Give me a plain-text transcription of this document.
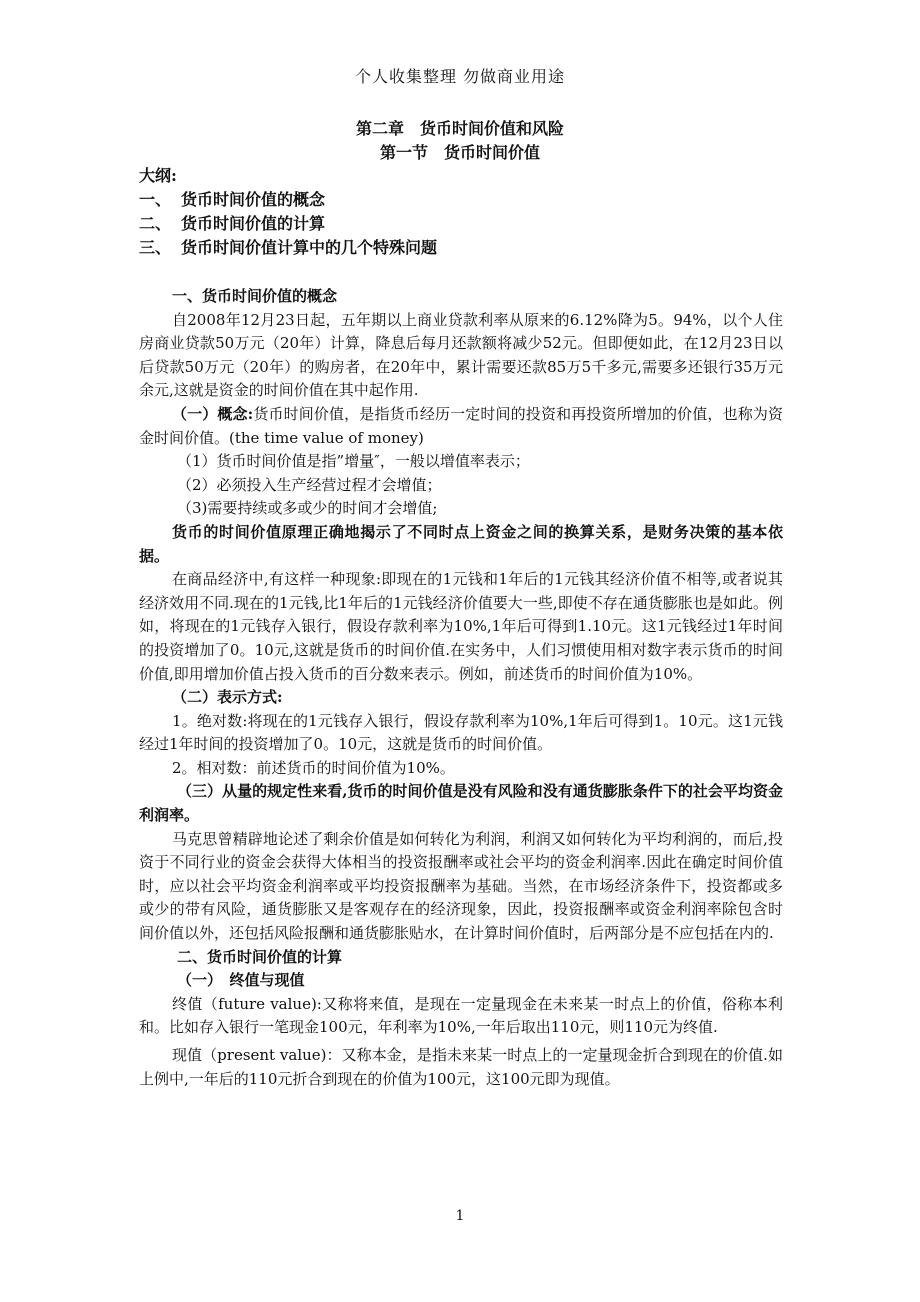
个人收集整理 勿做商业用途
第二章　货币时间价值和风险
第一节　货币时间价值
大纲:
一、 货币时间价值的概念
二、 货币时间价值的计算
三、 货币时间价值计算中的几个特殊问题

一、货币时间价值的概念

自2008年12月23日起，五年期以上商业贷款利率从原来的6.12%降为5。94%，以个人住房商业贷款50万元（20年）计算，降息后每月还款额将减少52元。但即便如此，在12月23日以后贷款50万元（20年）的购房者，在20年中，累计需要还款85万5千多元,需要多还银行35万元余元,这就是资金的时间价值在其中起作用.

（一）概念:货币时间价值，是指货币经历一定时间的投资和再投资所增加的价值，也称为资金时间价值。(the time value of money)

（1）货币时间价值是指”增量″，一般以增值率表示；

（2）必须投入生产经营过程才会增值；

（3)需要持续或多或少的时间才会增值;

货币的时间价值原理正确地揭示了不同时点上资金之间的换算关系，是财务决策的基本依据。

在商品经济中,有这样一种现象:即现在的1元钱和1年后的1元钱其经济价值不相等,或者说其经济效用不同.现在的1元钱,比1年后的1元钱经济价值要大一些,即使不存在通货膨胀也是如此。例如，将现在的1元钱存入银行，假设存款利率为10%,1年后可得到1.10元。这1元钱经过1年时间的投资增加了0。10元,这就是货币的时间价值.在实务中，人们习惯使用相对数字表示货币的时间价值,即用增加价值占投入货币的百分数来表示。例如，前述货币的时间价值为10%。

（二）表示方式:

1。绝对数:将现在的1元钱存入银行，假设存款利率为10%,1年后可得到1。10元。这1元钱经过1年时间的投资增加了0。10元，这就是货币的时间价值。

2。相对数：前述货币的时间价值为10%。

（三）从量的规定性来看,货币的时间价值是没有风险和没有通货膨胀条件下的社会平均资金利润率。

马克思曾精辟地论述了剩余价值是如何转化为利润，利润又如何转化为平均利润的，而后,投资于不同行业的资金会获得大体相当的投资报酬率或社会平均的资金利润率.因此在确定时间价值时，应以社会平均资金利润率或平均投资报酬率为基础。当然，在市场经济条件下，投资都或多或少的带有风险，通货膨胀又是客观存在的经济现象，因此，投资报酬率或资金利润率除包含时间价值以外，还包括风险报酬和通货膨胀贴水，在计算时间价值时，后两部分是不应包括在内的.

二、货币时间价值的计算

（一）　终值与现值

终值（future value):又称将来值，是现在一定量现金在未来某一时点上的价值，俗称本利和。比如存入银行一笔现金100元，年利率为10%,一年后取出110元，则110元为终值.

现值（present value)：又称本金，是指未来某一时点上的一定量现金折合到现在的价值.如上例中,一年后的110元折合到现在的价值为100元，这100元即为现值。

1
